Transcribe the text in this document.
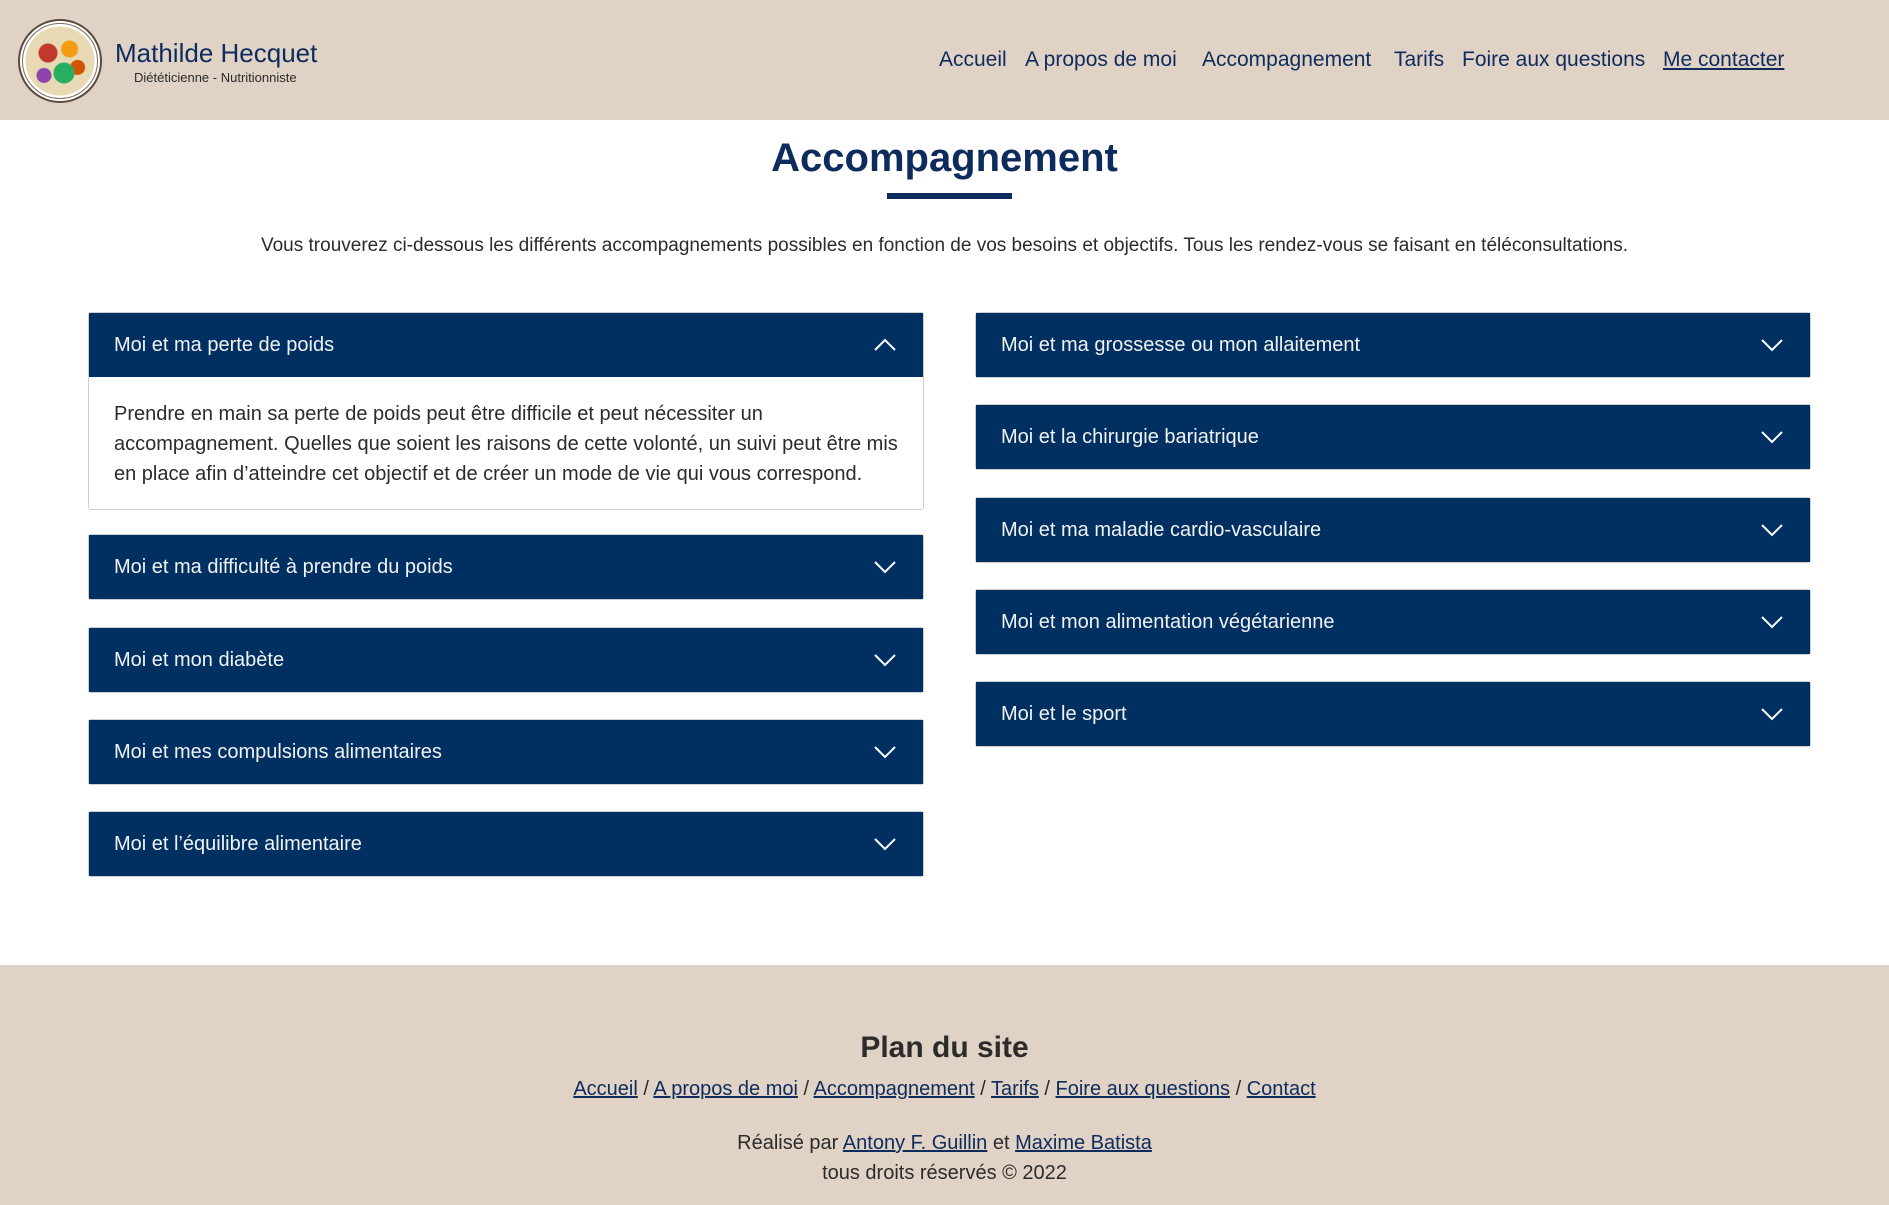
Mathilde Hecquet
Diététicienne - Nutritionniste
Accueil A propos de moi Accompagnement Tarifs Foire aux questions Me contacter
Accompagnement

Vous trouverez ci-dessous les différents accompagnements possibles en fonction de vos besoins et objectifs. Tous les rendez-vous se faisant en téléconsultations.

Moi et ma perte de poids
Prendre en main sa perte de poids peut être difficile et peut nécessiter un accompagnement. Quelles que soient les raisons de cette volonté, un suivi peut être mis en place afin d’atteindre cet objectif et de créer un mode de vie qui vous correspond.
Moi et ma difficulté à prendre du poids
Moi et mon diabète
Moi et mes compulsions alimentaires
Moi et l’équilibre alimentaire
Moi et ma grossesse ou mon allaitement
Moi et la chirurgie bariatrique
Moi et ma maladie cardio-vasculaire
Moi et mon alimentation végétarienne
Moi et le sport
Plan du site
Accueil / A propos de moi / Accompagnement / Tarifs / Foire aux questions / Contact
Réalisé par Antony F. Guillin et Maxime Batista
tous droits réservés © 2022
